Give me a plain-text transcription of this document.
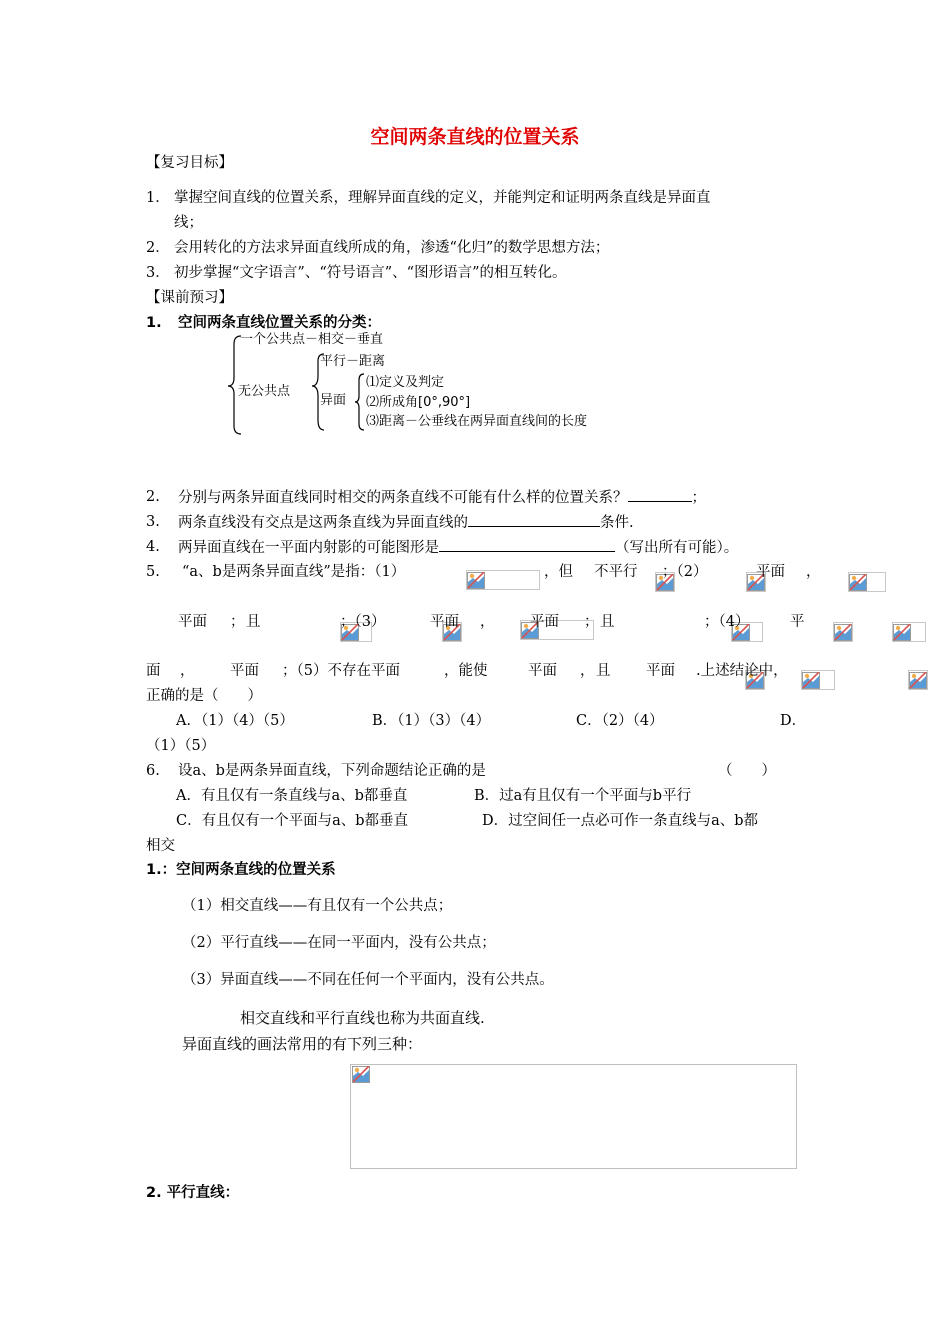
空间两条直线的位置关系
【复习目标】
1． 掌握空间直线的位置关系，理解异面直线的定义，并能判定和证明两条直线是异面直
线；
2． 会用转化的方法求异面直线所成的角，渗透“化归”的数学思想方法；
3． 初步掌握“文字语言”、“符号语言”、“图形语言”的相互转化。
【课前预习】
1. 空间两条直线位置关系的分类：
一个公共点－相交－垂直
平行－距离
无公共点
异面
⑴定义及判定
⑵所成角[0°,90°]
⑶距离－公垂线在两异面直线间的长度
2. 分别与两条异面直线同时相交的两条直线不可能有什么样的位置关系？	；
3. 两条直线没有交点是这两条直线为异面直线的	条件.
4. 两异面直线在一平面内射影的可能图形是	（写出所有可能）。
5. “a、b是两条异面直线”是指：（1）
	，但
不平行
；（2）
	平面
，

平面
； 且
	；（3）
	平面
，
平面
； 且
	；（4）
	平
面
，
平面
；（5）不存在平面
	，能使
	平面
， 且
平面 .上述结论中，
正确的是（　　）
A．（1）（4）（5）	B．（1）（3）（4）	C．（2）（4）	D．
（1）（5）
6. 设a、b是两条异面直线，下列命题结论正确的是	（　　）
A．有且仅有一条直线与a、b都垂直	B．过a有且仅有一个平面与b平行
C．有且仅有一个平面与a、b都垂直	D．过空间任一点必可作一条直线与a、b都
相交
1.：空间两条直线的位置关系
（1）相交直线——有且仅有一个公共点；
（2）平行直线——在同一平面内，没有公共点；
（3）异面直线——不同在任何一个平面内，没有公共点。
相交直线和平行直线也称为共面直线.
异面直线的画法常用的有下列三种：
2. 平行直线：
